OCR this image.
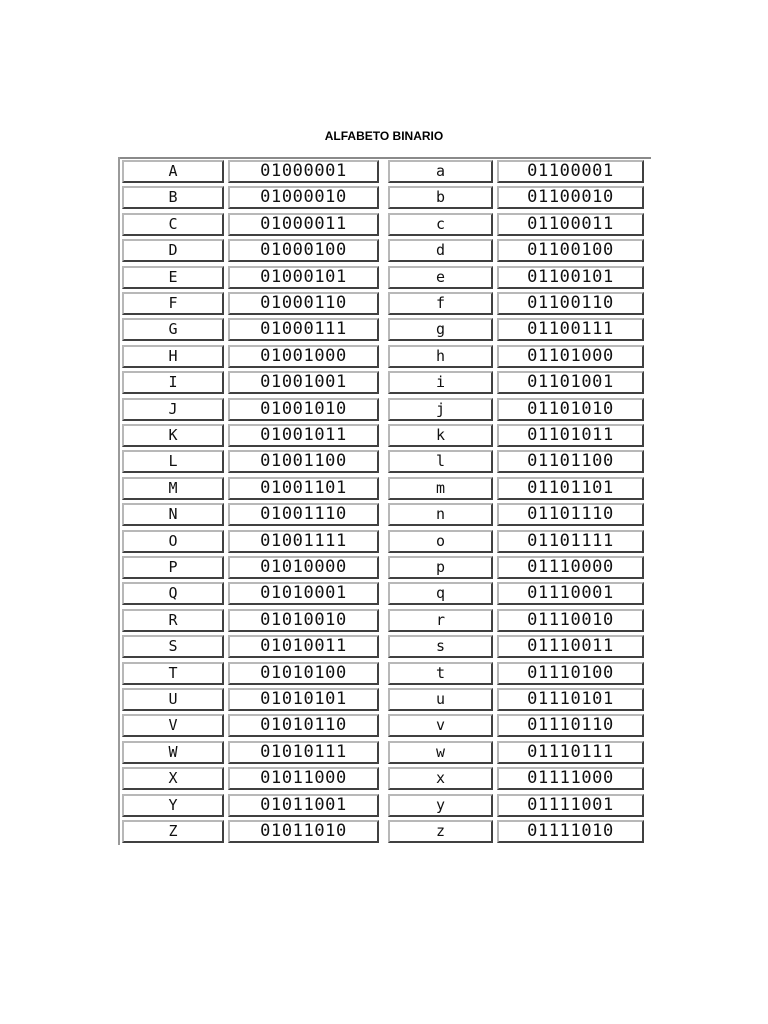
ALFABETO BINARIO
A	01000001	a	01100001
B	01000010	b	01100010
C	01000011	c	01100011
D	01000100	d	01100100
E	01000101	e	01100101
F	01000110	f	01100110
G	01000111	g	01100111
H	01001000	h	01101000
I	01001001	i	01101001
J	01001010	j	01101010
K	01001011	k	01101011
L	01001100	l	01101100
M	01001101	m	01101101
N	01001110	n	01101110
O	01001111	o	01101111
P	01010000	p	01110000
Q	01010001	q	01110001
R	01010010	r	01110010
S	01010011	s	01110011
T	01010100	t	01110100
U	01010101	u	01110101
V	01010110	v	01110110
W	01010111	w	01110111
X	01011000	x	01111000
Y	01011001	y	01111001
Z	01011010	z	01111010
